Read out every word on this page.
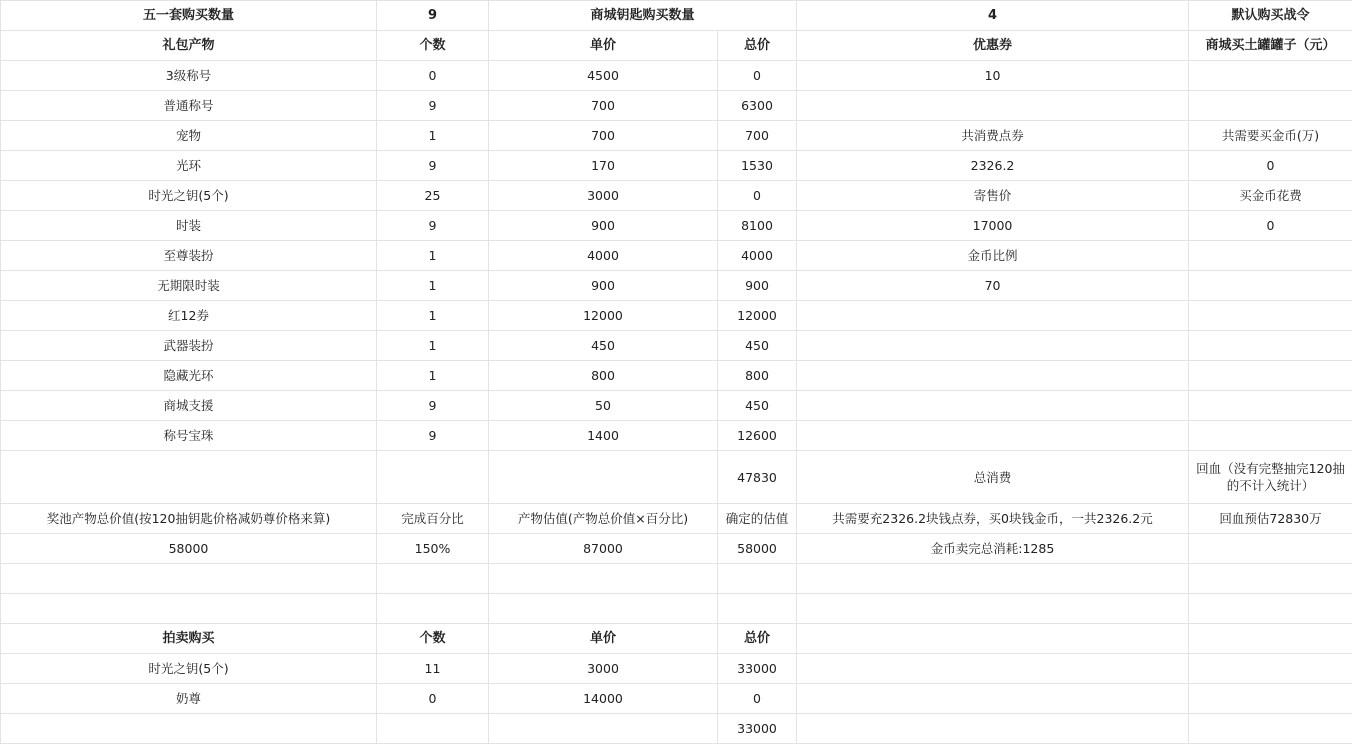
五一套购买数量	9	商城钥匙购买数量		4	默认购买战令
礼包产物	个数	单价	总价	优惠券	商城买土罐罐子（元）
3级称号	0	4500	0	10	
普通称号	9	700	6300		
宠物	1	700	700	共消费点券	共需要买金币(万)
光环	9	170	1530	2326.2	0
时光之钥(5个)	25	3000	0	寄售价	买金币花费
时装	9	900	8100	17000	0
至尊装扮	1	4000	4000	金币比例	
无期限时装	1	900	900	70	
红12券	1	12000	12000		
武器装扮	1	450	450		
隐藏光环	1	800	800		
商城支援	9	50	450		
称号宝珠	9	1400	12600		
			47830	总消费	回血（没有完整抽完120抽的不计入统计）
奖池产物总价值(按120抽钥匙价格减奶尊价格来算)	完成百分比	产物估值(产物总价值×百分比)	确定的估值	共需要充2326.2块钱点券，买0块钱金币，一共2326.2元	回血预估72830万
58000	150%	87000	58000	金币卖完总消耗:1285	

拍卖购买	个数	单价	总价		
时光之钥(5个)	11	3000	33000		
奶尊	0	14000	0		
			33000		
